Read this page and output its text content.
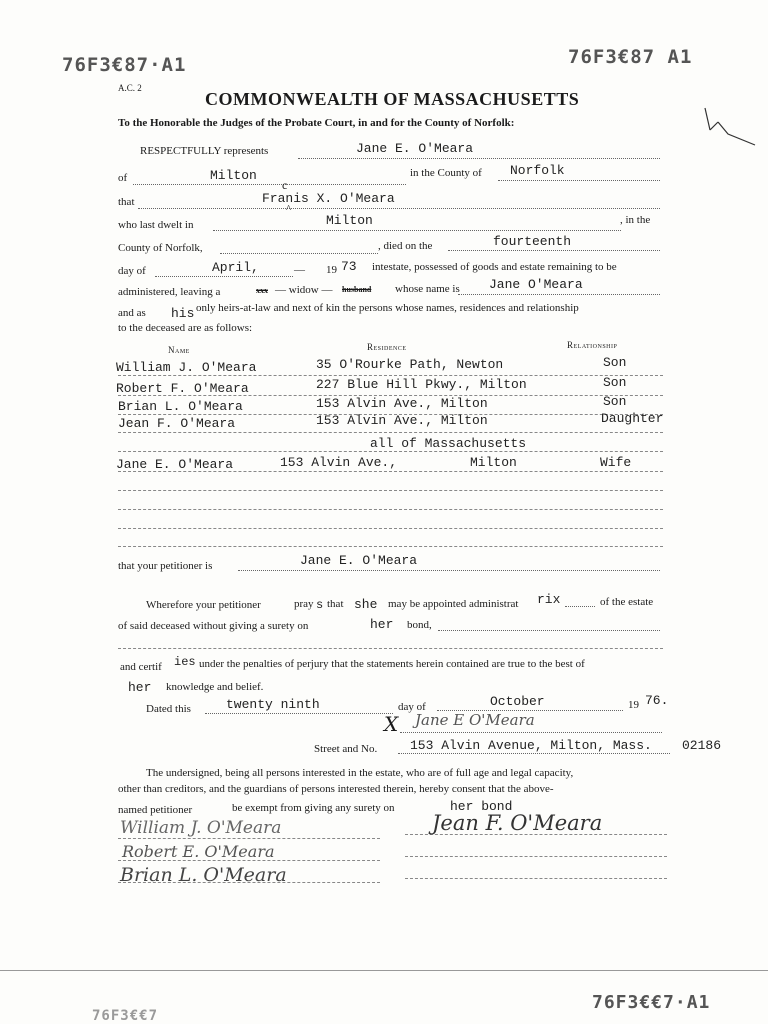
76F3€87·A1	76F3€87 A1
76F3€€7·A1
76F3€€7
A.C. 2
COMMONWEALTH OF MASSACHUSETTS
To the Honorable the Judges of the Probate Court, in and for the County of Norfolk:
RESPECTFULLY represents	Jane E. O'Meara
of	Milton	in the County of Norfolk
that	Franis X. O'Meara
c
^
who last dwelt in	Milton	, in the
County of Norfolk,	, died on the	fourteenth
day of	April,	— 19 73 intestate, possessed of goods and estate remaining to be
administered, leaving a	xxx — widow — husband whose name is Jane O'Meara
and as his only heirs-at-law and next of kin the persons whose names, residences and relationship
to the deceased are as follows:
Name	Residence	Relationship
William J. O'Meara	35 O'Rourke Path, Newton	Son
Robert F. O'Meara	227 Blue Hill Pkwy., Milton	Son
Brian L. O'Meara	153 Alvin Ave., Milton	Son
Jean F. O'Meara	153 Alvin Ave., Milton	Daughter
all of Massachusetts
Jane E. O'Meara	153 Alvin Ave.,	Milton	Wife
that your petitioner is	Jane E. O'Meara
Wherefore your petitioner	pray s that she may be appointed administrat rix	of the estate
of said deceased without giving a surety on	her bond,
and certif ies under the penalties of perjury that the statements herein contained are true to the best of
her knowledge and belief.
Dated this	twenty ninth	day of	October	19 76.
X Jane E O'Meara
Street and No.	153 Alvin Avenue, Milton, Mass. 02186
The undersigned, being all persons interested in the estate, who are of full age and legal capacity,
other than creditors, and the guardians of persons interested therein, hereby consent that the above-
named petitioner	be exempt from giving any surety on	her bond
William J. O'Meara
Robert E. O'Meara
Brian L. O'Meara
Jean F. O'Meara
